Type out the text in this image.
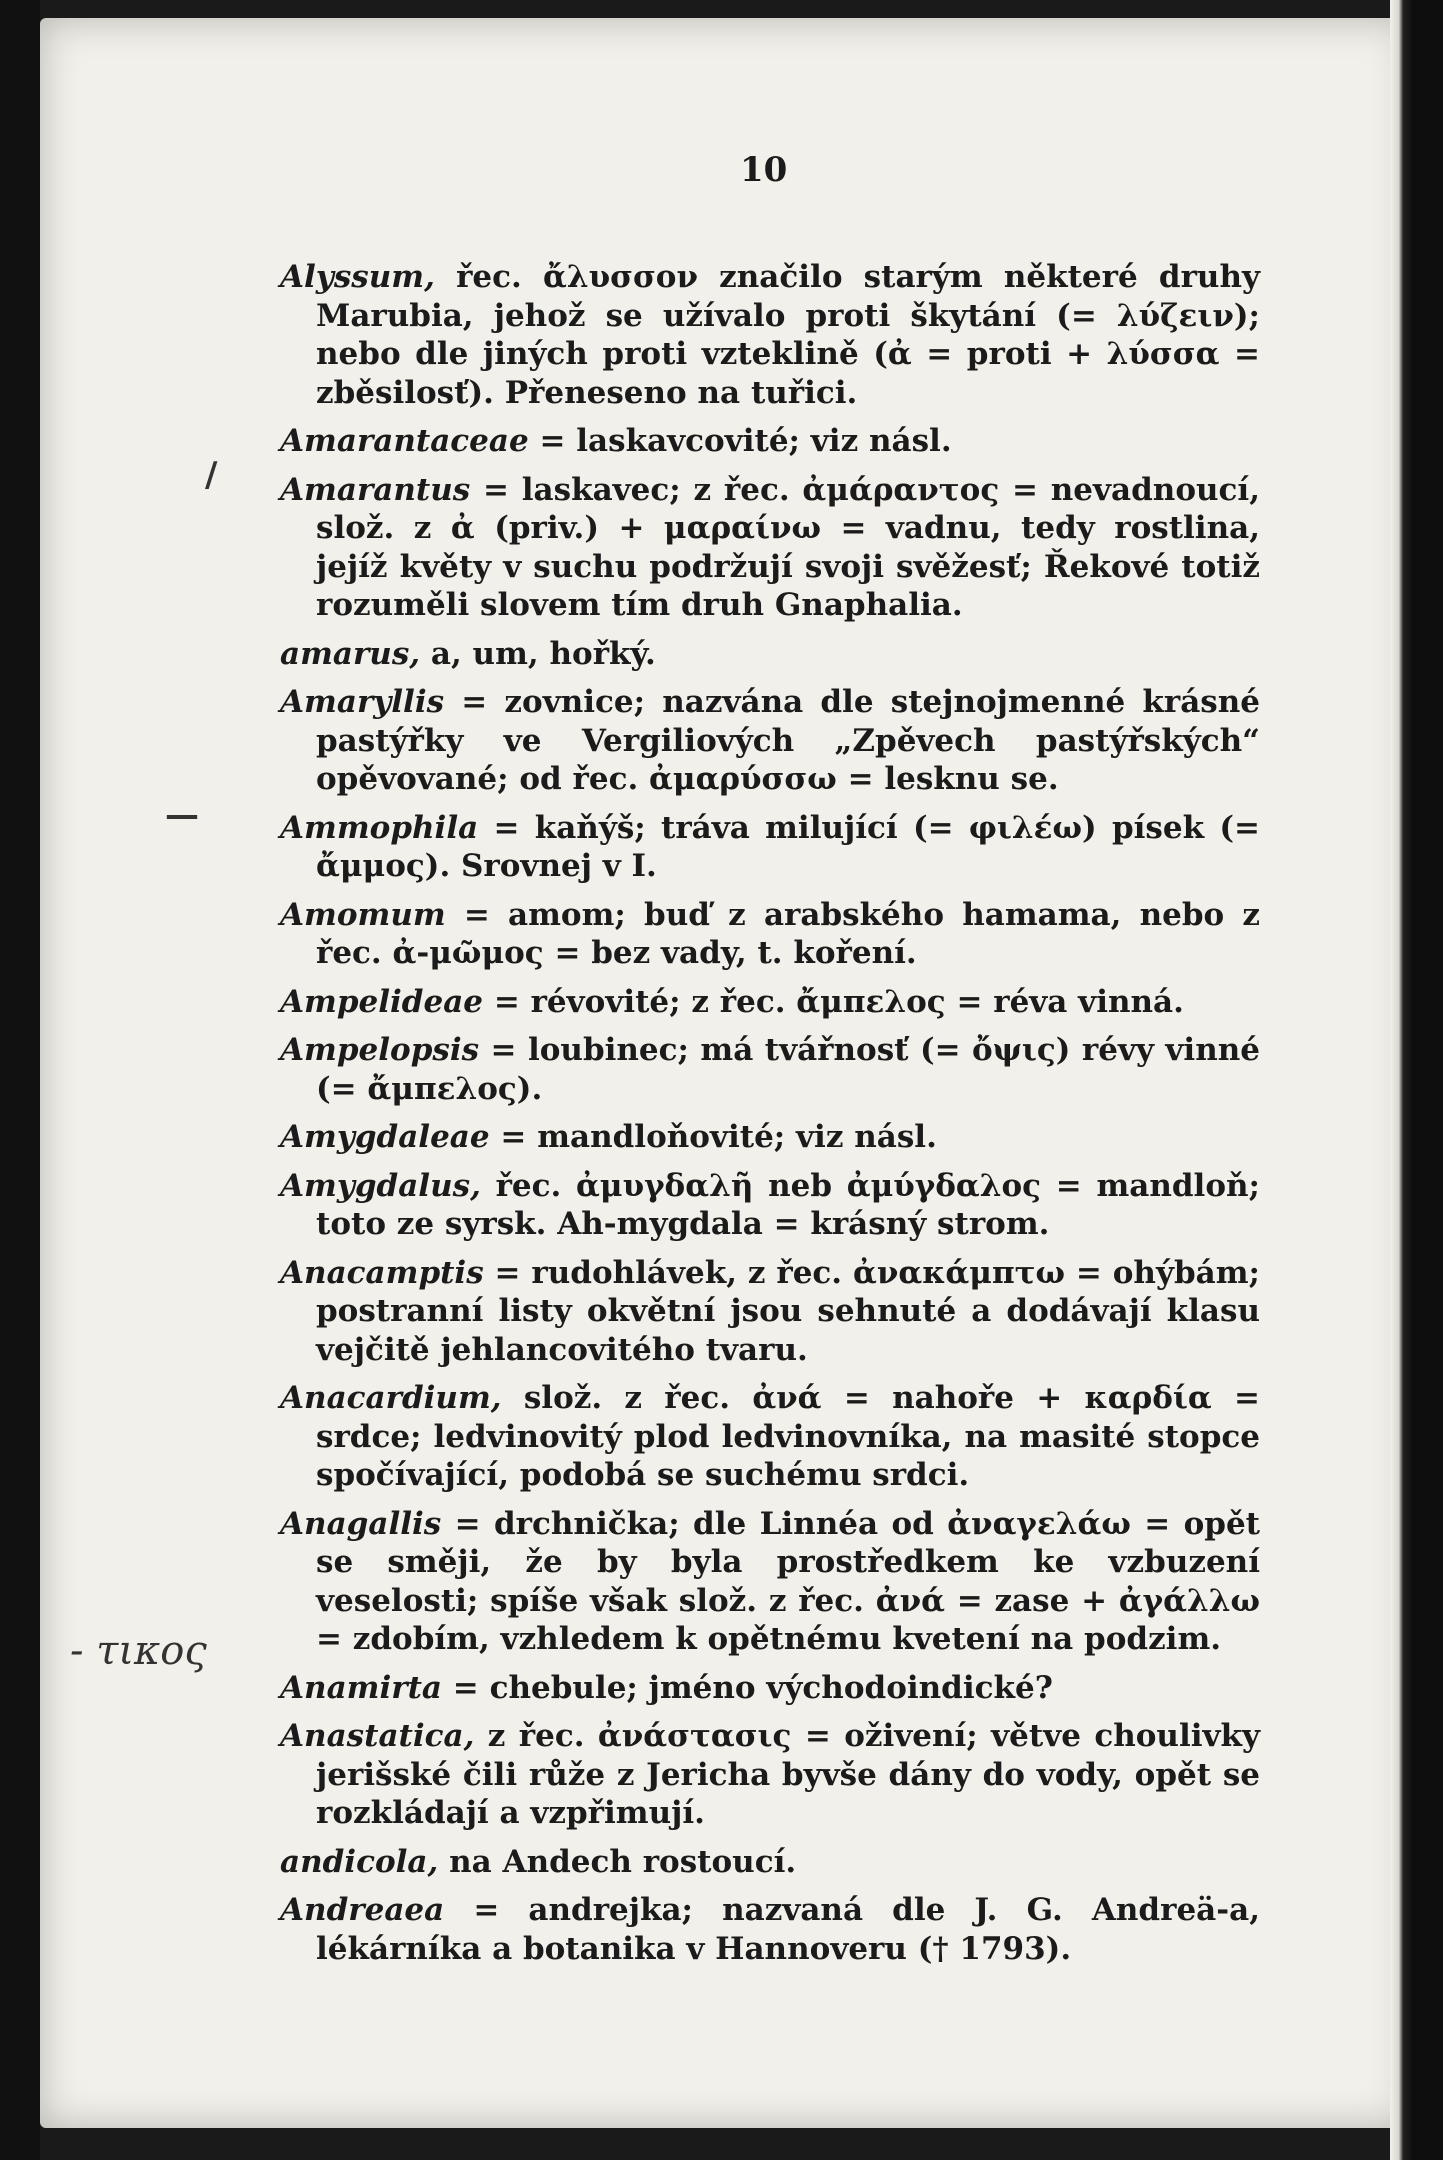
10
- τικος
/
—

Alyssum, řec. ἄλυσσον značilo starým některé druhy Marubia, jehož se užívalo proti škytání (= λύζειν); nebo dle jiných proti vzteklině (ἀ = proti + λύσσα = zběsilosť). Přeneseno na tuřici.

Amarantaceae = laskavcovité; viz násl.

Amarantus = laskavec; z řec. ἀμάραντος = nevadnoucí, slož. z ἀ (priv.) + μαραίνω = vadnu, tedy rostlina, jejíž květy v suchu podržují svoji svěžesť; Řekové totiž rozuměli slovem tím druh Gnaphalia.

amarus, a, um, hořký.

Amaryllis = zovnice; nazvána dle stejnojmenné krásné pastýřky ve Vergiliových „Zpěvech pastýřských“ opěvované; od řec. ἀμαρύσσω = lesknu se.

Ammophila = kaňýš; tráva milující (= φιλέω) písek (= ἄμμος). Srovnej v I.

Amomum = amom; buď z arabského hamama, nebo z řec. ἀ-μῶμος = bez vady, t. koření.

Ampelideae = révovité; z řec. ἄμπελος = réva vinná.

Ampelopsis = loubinec; má tvářnosť (= ὄψις) révy vinné (= ἄμπελος).

Amygdaleae = mandloňovité; viz násl.

Amygdalus, řec. ἀμυγδαλῆ neb ἀμύγδαλος = mandloň; toto ze syrsk. Ah-mygdala = krásný strom.

Anacamptis = rudohlávek, z řec. ἀνακάμπτω = ohýbám; postranní listy okvětní jsou sehnuté a dodávají klasu vejčitě jehlancovitého tvaru.

Anacardium, slož. z řec. ἀνά = nahoře + καρδία = srdce; ledvinovitý plod ledvinovníka, na masité stopce spočívající, podobá se suchému srdci.

Anagallis = drchnička; dle Linnéa od ἀναγελάω = opět se směji, že by byla prostředkem ke vzbuzení veselosti; spíše však slož. z řec. ἀνά = zase + ἀγάλλω = zdobím, vzhledem k opětnému kvetení na podzim.

Anamirta = chebule; jméno východoindické?

Anastatica, z řec. ἀνάστασις = oživení; větve choulivky jerišské čili růže z Jericha byvše dány do vody, opět se rozkládají a vzpřimují.

andicola, na Andech rostoucí.

Andreaea = andrejka; nazvaná dle J. G. Andreä-a, lékárníka a botanika v Hannoveru († 1793).
